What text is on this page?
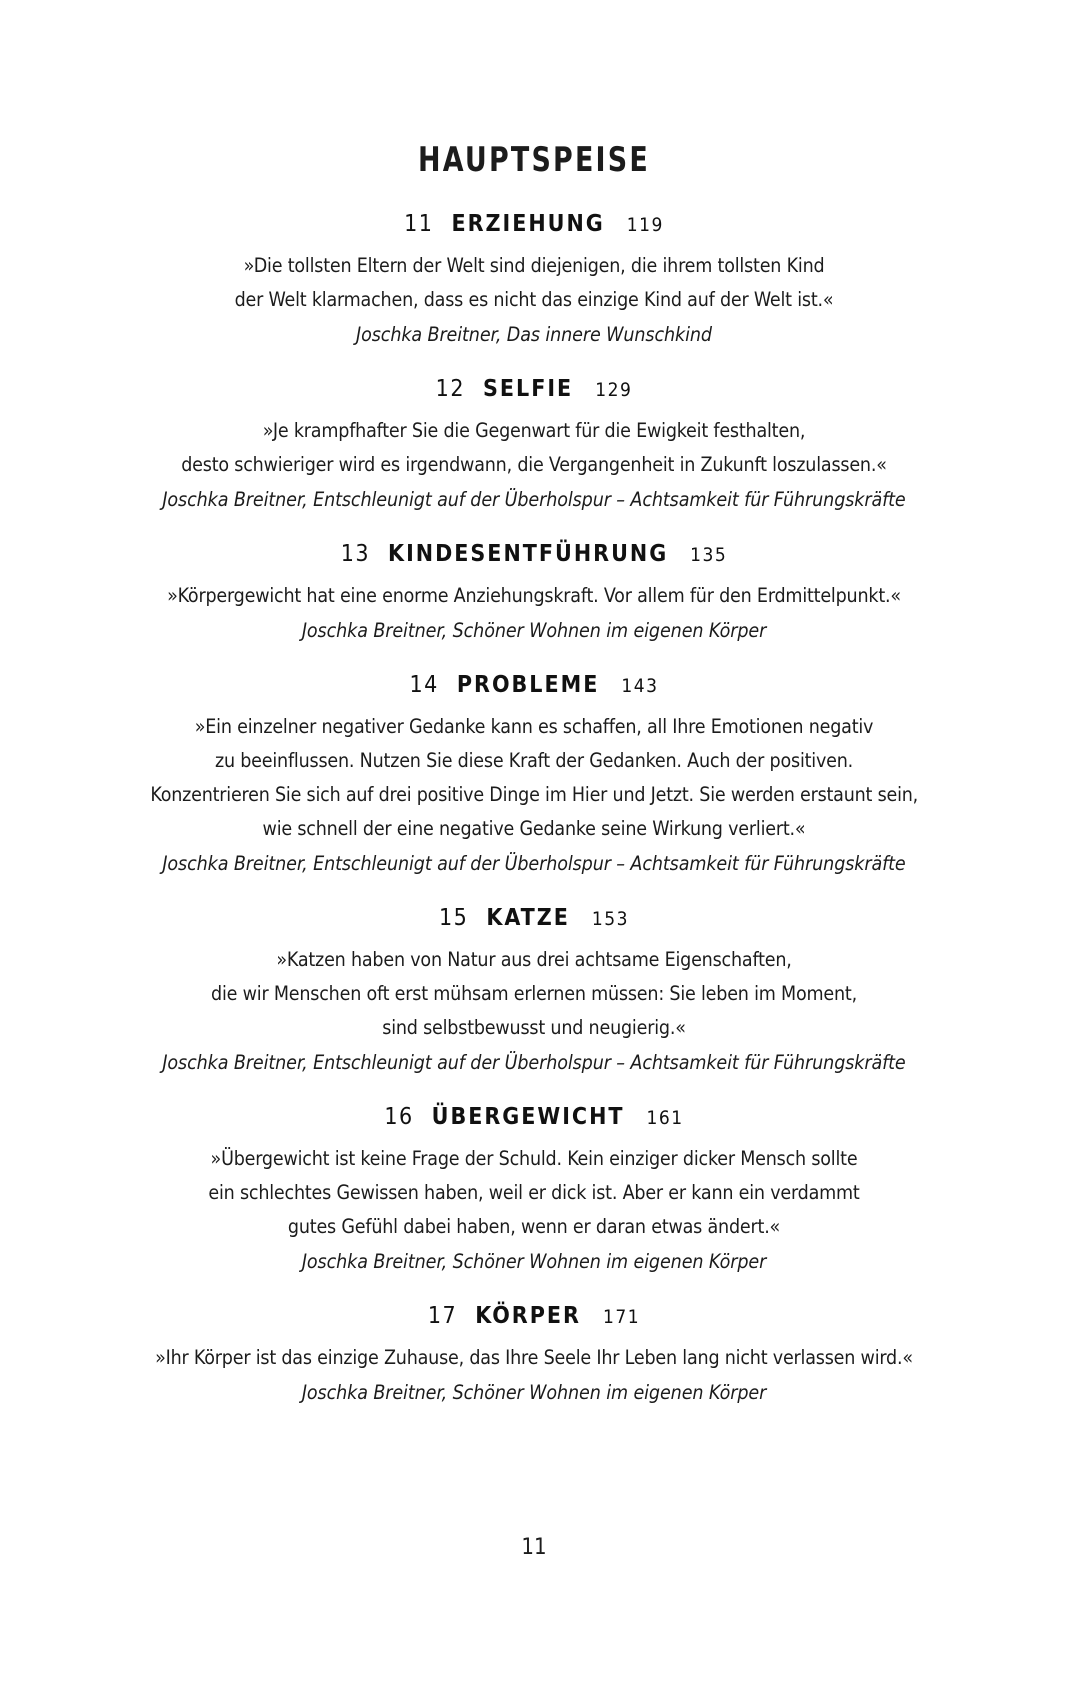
HAUPTSPEISE
11 ERZIEHUNG 119
»Die tollsten Eltern der Welt sind diejenigen, die ihrem tollsten Kind
der Welt klarmachen, dass es nicht das einzige Kind auf der Welt ist.«
Joschka Breitner, Das innere Wunschkind
12 SELFIE 129
»Je krampfhafter Sie die Gegenwart für die Ewigkeit festhalten,
desto schwieriger wird es irgendwann, die Vergangenheit in Zukunft loszulassen.«
Joschka Breitner, Entschleunigt auf der Überholspur – Achtsamkeit für Führungskräfte
13 KINDESENTFÜHRUNG 135
»Körpergewicht hat eine enorme Anziehungskraft. Vor allem für den Erdmittelpunkt.«
Joschka Breitner, Schöner Wohnen im eigenen Körper
14 PROBLEME 143
»Ein einzelner negativer Gedanke kann es schaffen, all Ihre Emotionen negativ
zu beeinflussen. Nutzen Sie diese Kraft der Gedanken. Auch der positiven.
Konzentrieren Sie sich auf drei positive Dinge im Hier und Jetzt. Sie werden erstaunt sein,
wie schnell der eine negative Gedanke seine Wirkung verliert.«
Joschka Breitner, Entschleunigt auf der Überholspur – Achtsamkeit für Führungskräfte
15 KATZE 153
»Katzen haben von Natur aus drei achtsame Eigenschaften,
die wir Menschen oft erst mühsam erlernen müssen: Sie leben im Moment,
sind selbstbewusst und neugierig.«
Joschka Breitner, Entschleunigt auf der Überholspur – Achtsamkeit für Führungskräfte
16 ÜBERGEWICHT 161
»Übergewicht ist keine Frage der Schuld. Kein einziger dicker Mensch sollte
ein schlechtes Gewissen haben, weil er dick ist. Aber er kann ein verdammt
gutes Gefühl dabei haben, wenn er daran etwas ändert.«
Joschka Breitner, Schöner Wohnen im eigenen Körper
17 KÖRPER 171
»Ihr Körper ist das einzige Zuhause, das Ihre Seele Ihr Leben lang nicht verlassen wird.«
Joschka Breitner, Schöner Wohnen im eigenen Körper
11
